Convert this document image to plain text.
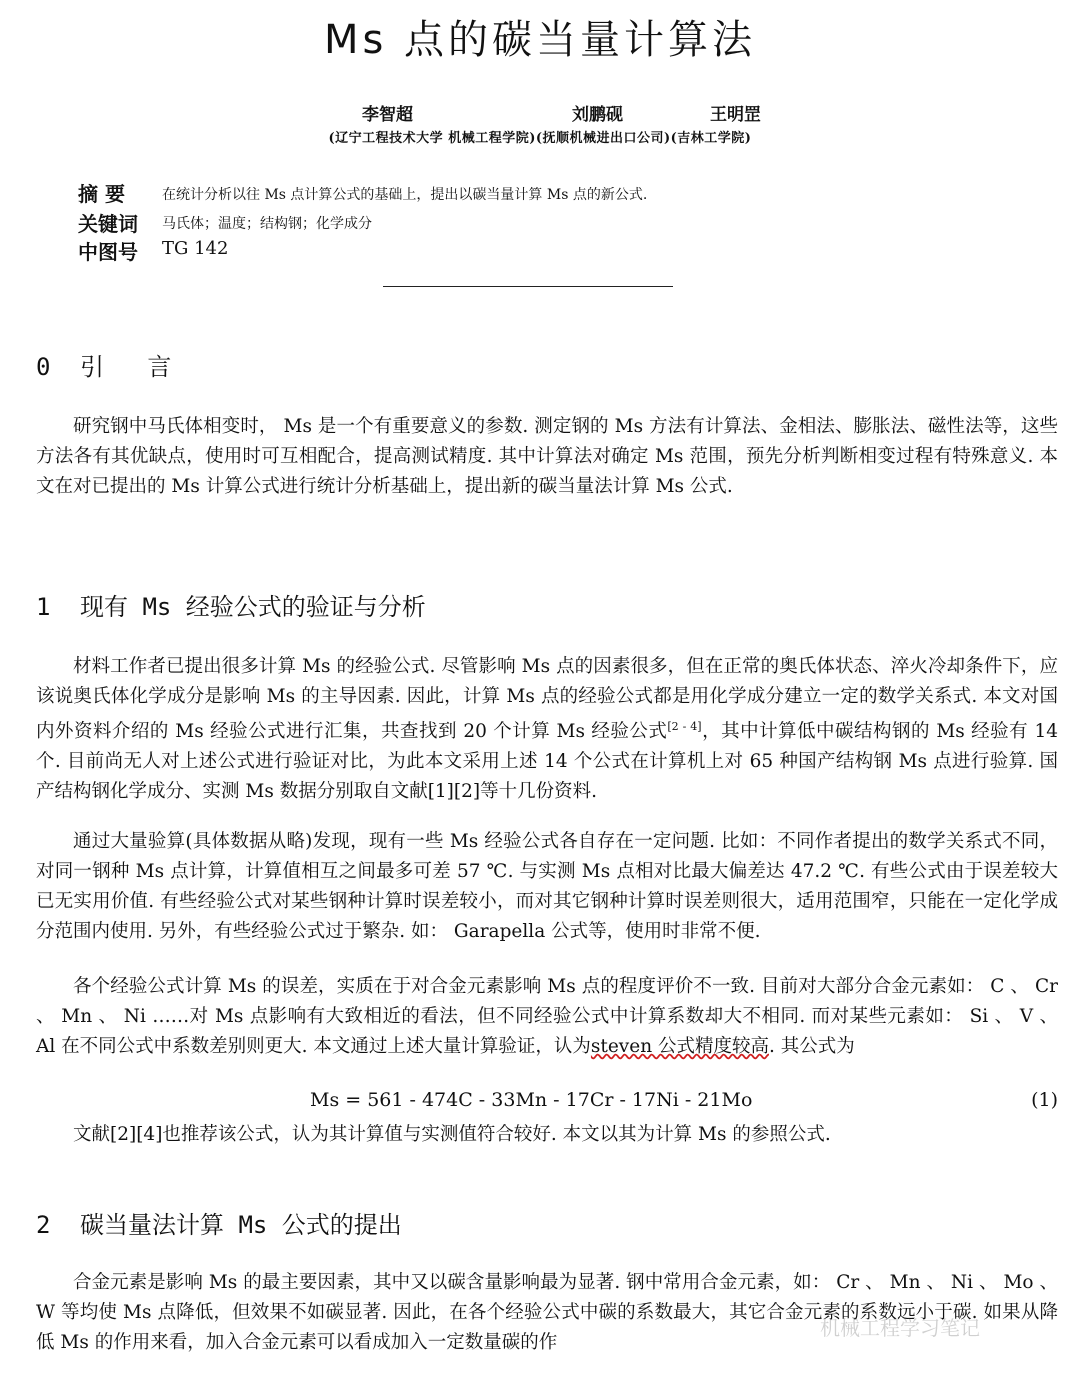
Ms 点的碳当量计算法
李智超	刘鹏砚	王明罡
(辽宁工程技术大学 机械工程学院)(抚顺机械进出口公司)(吉林工学院)
摘 要	在统计分析以往 Ms 点计算公式的基础上，提出以碳当量计算 Ms 点的新公式.
关键词	马氏体；温度；结构钢；化学成分
中图号	TG 142
0 引   言
研究钢中马氏体相变时， Ms 是一个有重要意义的参数. 测定钢的 Ms 方法有计算法、金相法、膨胀法、磁性法等，这些方法各有其优缺点，使用时可互相配合，提高测试精度. 其中计算法对确定 Ms 范围，预先分析判断相变过程有特殊意义. 本文在对已提出的 Ms 计算公式进行统计分析基础上，提出新的碳当量法计算 Ms 公式.
1 现有 Ms 经验公式的验证与分析
材料工作者已提出很多计算 Ms 的经验公式. 尽管影响 Ms 点的因素很多，但在正常的奥氏体状态、淬火冷却条件下，应该说奥氏体化学成分是影响 Ms 的主导因素. 因此，计算 Ms 点的经验公式都是用化学成分建立一定的数学关系式. 本文对国内外资料介绍的 Ms 经验公式进行汇集，共查找到 20 个计算 Ms 经验公式[2 - 4]，其中计算低中碳结构钢的 Ms 经验有 14 个. 目前尚无人对上述公式进行验证对比，为此本文采用上述 14 个公式在计算机上对 65 种国产结构钢 Ms 点进行验算. 国产结构钢化学成分、实测 Ms 数据分别取自文献[1][2]等十几份资料.
通过大量验算(具体数据从略)发现，现有一些 Ms 经验公式各自存在一定问题. 比如：不同作者提出的数学关系式不同，对同一钢种 Ms 点计算，计算值相互之间最多可差 57 ℃. 与实测 Ms 点相对比最大偏差达 47.2 ℃. 有些公式由于误差较大已无实用价值. 有些经验公式对某些钢种计算时误差较小，而对其它钢种计算时误差则很大，适用范围窄，只能在一定化学成分范围内使用. 另外，有些经验公式过于繁杂. 如： Garapella 公式等，使用时非常不便.
各个经验公式计算 Ms 的误差，实质在于对合金元素影响 Ms 点的程度评价不一致. 目前对大部分合金元素如： C 、 Cr 、 Mn 、 Ni ……对 Ms 点影响有大致相近的看法，但不同经验公式中计算系数却大不相同. 而对某些元素如： Si 、 V 、 Al 在不同公式中系数差别则更大. 本文通过上述大量计算验证，认为steven 公式精度较高. 其公式为
Ms = 561 - 474C - 33Mn - 17Cr - 17Ni - 21Mo	(1)
文献[2][4]也推荐该公式，认为其计算值与实测值符合较好. 本文以其为计算 Ms 的参照公式.
2 碳当量法计算 Ms 公式的提出
合金元素是影响 Ms 的最主要因素，其中又以碳含量影响最为显著. 钢中常用合金元素，如： Cr 、 Mn 、 Ni 、 Mo 、 W 等均使 Ms 点降低，但效果不如碳显著. 因此，在各个经验公式中碳的系数最大，其它合金元素的系数远小于碳. 如果从降低 Ms 的作用来看，加入合金元素可以看成加入一定数量碳的作
机械工程学习笔记
